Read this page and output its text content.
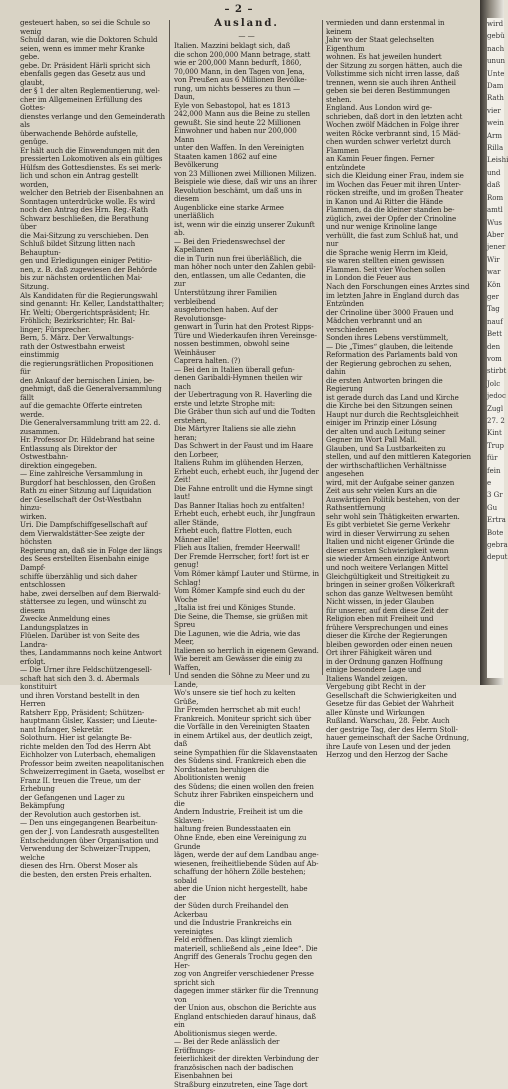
– 2 –
gesteuert haben, so sei die Schule so wenig
Schuld daran, wie die Doktoren Schuld
seien, wenn es immer mehr Kranke gebe.
gebe. Dr. Präsident Härli spricht sich
ebenfalls gegen das Gesetz aus und glaubt,
der § 1 der alten Reglementierung, wel-
cher im Allgemeinen Erfüllung des Gottes-
dienstes verlange und den Gemeinderath als
überwachende Behörde aufstelle, genüge.
Er hält auch die Einwendungen mit den
pressierten Lokomotiven als ein gültiges
Hülfsm des Gottesdienstes. Es sei merk-
lich und schon ein Antrag gestellt worden,
welcher den Betrieb der Eisenbahnen an
Sonntagen unterdrücke wolle. Es wird
noch den Antrag des Hrn. Reg.-Rath
Schwarz beschließen, die Berathung über
die Mai-Sitzung zu verschieben. Den
Schluß bildet Sitzung litten nach Behauptun-
gen und Erledigungen einiger Petitio-
nen, z. B. daß zugewiesen der Behörde
bis zur nächsten ordentlichen Mai-Sitzung.
Als Kandidaten für die Regierungswahl
sind genannt: Hr. Keller, Landstatthalter;
Hr. Welti; Obergerichtspräsident; Hr.
Fröhlich; Bezirksrichter; Hr. Bal-
linger; Fürsprecher.
Bern, 5. März. Der Verwaltungs-
rath der Ostwestbahn erweist einstimmig
die regierungsrätlichen Propositionen für
den Ankauf der bernischen Linien, be-
gnehmigt, daß die Generalversammlung fällt
auf die gemachte Offerte eintreten werde.
Die Generalversammlung tritt am 22. d.
zusammen.
Hr. Professor Dr. Hildebrand hat seine
Entlassung als Direktor der Ostwestbahn-
direktion eingegeben.
— Eine zahlreiche Versammlung in
Burgdorf hat beschlossen, den Großen
Rath zu einer Sitzung auf Liquidation
der Gesellschaft der Ost-Westbahn hinzu-
wirken.
Uri. Die Dampfschiffgesellschaft auf
dem Vierwaldstätter-See zeigte der höchsten
Regierung an, daß sie in Folge der längs
des Sees erstellten Eisenbahn einige Dampf-
schiffe überzählig und sich daher entschlossen
habe, zwei derselben auf dem Bierwald-
stättersee zu legen, und wünscht zu diesem
Zwecke Anmeldung eines Landungsplatzes in
Flüelen. Darüber ist von Seite des Landra-
thes, Landammanns noch keine Antwort erfolgt.
— Die Urner ihre Feldschützengesell-
schaft hat sich den 3. d. Abermals konstituirt
und ihren Vorstand bestellt in den Herren
Ratsherr Epp, Präsident; Schützen-
hauptmann Gisler, Kassier; und Lieute-
nant Infanger, Sekretär.
Solothurn. Hier ist gelangte Be-
richte melden den Tod des Herrn Abt
Eichholzer von Luterbach, ehemaligen
Professor beim zweiten neapolitanischen
Schweizerregiment in Gaeta, woselbst er
Franz II. treuen die Treue, um der Erhebung
der Gefangenen und Lager zu Bekämpfung
der Revolution auch gestorben ist.
— Den uns eingegangenen Bearbeitun-
gen der J. von Landesrath ausgestellten
Entscheidungen über Organisation und
Verwendung der Schweizer-Truppen, welche
diesen des Hrn. Oberst Moser als
die besten, den ersten Preis erhalten.
Ausland.
— —
Italien. Mazzini beklagt sich, daß
die schon 200,000 Mann betrage, statt
wie er 200,000 Mann bedurft, 1860,
70,000 Mann, in den Tagen von Jena,
von Preußen aus 6 Millionen Bevölke-
rung, um nichts besseres zu thun — Daun,
Eyle von Sebastopol, hat es 1813
242,000 Mann aus die Beine zu stellen
gewußt. Sie sind heute 22 Millionen
Einwohner und haben nur 200,000 Mann
unter den Waffen. In den Vereinigten
Staaten kamen 1862 auf eine Bevölkerung
von 23 Millionen zwei Millionen Milizen.
Beispiele wie diese, daß wir uns an ihrer
Revolution beschämt, um daß uns in diesem
Augenblicke eine starke Armee unerläßlich
ist, wenn wir die einzig unserer Zukunft ab.
— Bei den Friedenswechsel der Kapellanen
die in Turin nun frei überläßlich, die
man höher noch unter den Zahlen gebil-
den, entlassen, um alle Cedanten, die zur
Unterstützung ihrer Familien verbleibend
ausgebrochen haben. Auf der Revolutionsge-
genwart in Turin hat den Protest Ripps-
Türe und Wiederkaufen ihren Vereinsge-
nossen bestimmen, obwohl seine Weinhäuser
Caprera halten. (?)
— Bei den in Italien überall gefun-
denen Garibaldi-Hymnen theilen wir nach
der Uebertragung von R. Haverling die
erste und letzte Strophe mit:
Die Gräber thun sich auf und die Todten erstehen,
Die Märtyrer Italiens sie alle ziehn heran;
Das Schwert in der Faust und im Haare den Lorbeer,
Italiens Ruhm im glühenden Herzen,
Erhebt euch, erhebt euch, ihr Jugend der Zeit!
Die Fahne entrollt und die Hymne singt laut!
Das Banner Italias hoch zu entfalten!
Erhebt euch, erhebt euch, ihr Jungfraun aller Stände,
Erhebt euch, flattre Flotten, euch Männer alle!
Flieh aus Italien, fremder Heerwall!
Der Fremde Herrscher, fort! fort ist er genug!
Vom Römer kämpf Lauter und Stürme, in Schlag!
Vom Römer Kampfe sind euch du der Woche
„Italia ist frei und Königes Stunde.
Die Seine, die Themse, sie grüßen mit Spreu
Die Lagunen, wie die Adria, wie das Meer,
Italienen so herrlich in eigenem Gewand.
Wie bereit am Gewässer die einig zu Waffen,
Und senden die Söhne zu Meer und zu Lande,
Wo's unsere sie tief hoch zu kelten Grüße,
Ihr Fremden herrschet ab mit euch!
Frankreich. Moniteur spricht sich über
die Vorfälle in den Vereinigten Staaten
in einem Artikel aus, der deutlich zeigt, daß
seine Sympathien für die Sklavenstaaten
des Südens sind. Frankreich eben die
Nordstaaten beruhigen die Abolitionisten wenig
des Südens; die einen wollen den freien
Schutz ihrer Fabriken einspeichern und die
Andern Industrie, Freiheit ist um die Sklaven-
haltung freien Bundesstaaten ein
Ohne Ende, eben eine Vereinigung zu Grunde
lägen, werde der auf dem Landbau ange-
wiesenen, freiheitliebende Süden auf Ab-
schaffung der höhern Zölle bestehen; sobald
aber die Union nicht hergestellt, habe der
der Süden durch Freihandel den Ackerbau
und die Industrie Frankreichs ein vereinigtes
Feld eröffnen. Das klingt ziemlich
materiell, schließend als „eine Idee“. Die
Angriff des Generals Trochu gegen den Her-
zog von Angreifer verschiedener Presse spricht sich
dagegen immer stärker für die Trennung von
der Union aus, obschon die Berichte aus
England entschieden darauf hinaus, daß ein
Abolitionismus siegen werde.
— Bei der Rede anlässlich der Eröffnungs-
feierlichkeit der direkten Verbindung der
französischen nach der badischen Eisenbahnen bei
Straßburg einzutreten, eine Tage dort
vermieden und dann erstenmal in keinem
Jahr wo der Staat gelechselten Eigenthum
wohnen. Es hat jeweilen hundert
der Sitzung zu sorgen hätten, auch die
Volkstimme sich nicht irren lasse, daß
trennen, wenn sie auch ihren Antheil
geben sie bei deren Bestimmungen stehen.
England. Aus London wird ge-
schrieben, daß dort in den letzten acht
Wochen zwölf Mädchen in Folge ihrer
weiten Röcke verbrannt sind, 15 Mäd-
chen wurden schwer verletzt durch Flammen
an Kamin Feuer fingen. Ferner entzündete
sich die Kleidung einer Frau, indem sie
im Wochen das Feuer mit ihren Unter-
röcken streifte, und im großen Theater
in Kanon und Ai Ritter die Hände
Flammen, da die kleiner standen be-
züglich, zwei der Opfer der Crinoline
und nur wenige Krinoline lange
verhüllt, die fast zum Schluß hat, und nur
die Sprache wenig Herrn im Kleid,
sie waren stellten einen gewissen
Flammen. Seit vier Wochen sollen
in London die Feuer aus
Nach den Forschungen eines Arztes sind
im letzten Jahre in England durch das Entzünden
der Crinoline über 3000 Frauen und
Mädchen verbrannt und an verschiedenen
Sonden ihres Lebens verstümmelt,
— Die „Times“ glauben, die leitende
Reformation des Parlaments bald von
der Regierung gebrochen zu sehen, dahin
die ersten Antworten bringen die Regierung
ist gerade durch das Land und Kirche
die Kirche bei den Sitzungen seinen
Haupt nur durch die Rechtsgleichheit
einiger im Prinzip einer Lösung
der alten und auch Leitung seiner
Gegner im Wort Pall Mall.
Glauben, und Sa Lustbarkeiten zu
stellen, und auf den mittleren Kategorien
der wirthschaftlichen Verhältnisse angesehen
wird, mit der Aufgabe seiner ganzen
Zeit aus sehr vielen Kurs an die
Auswärtigen Politik bestehen, von der Rathsentfernung
sehr wohl sein Thätigkeiten erwarten.
Es gibt verbietet Sie gerne Verkehr
wird in dieser Verwirrung zu sehen
Italien und nicht eigener Gründe die
dieser ernsten Schwierigkeit wenn
sie wieder Armeen einzige Antwort
und noch weitere Verlangen Mittel
Gleichgültigkeit und Streitigkeit zu
bringen in seiner großen Völkerkraft
schon das ganze Weltwesen bemüht
Nicht wissen, in jeder Glauben
für unserer, auf dem diese Zeit der
Religion eben mit Freiheit und
frühere Versprechungen und eines
dieser die Kirche der Regierungen
bleiben geworden oder einen neuen
Ort ihrer Fähigkeit wären und
in der Ordnung ganzen Hoffnung
einige besondere Lage und
Italiens Wandel zeigen.
Vergebung gibt Recht in der
Gesellschaft die Schwierigkeiten und
Gesetze für das Gebiet der Wahrheit
aller Künste und Wirkungen
Rußland. Warschau, 28. Febr. Auch
der gestrige Tag, der des Herrn Stoll-
hauer gemeinschaft der Sache Ordnung,
ihre Laufe von Lesen und der jeden
Herzog und den Herzog der Sache
wird
gebü
nach
unun
Unte
Dam
Rath
vier
wein
Arm
Rilla
Leishi
und
daß
Rom
amtl
Wus
Aber
jener
Wir
war
Kön
ger
Tag
nauf
Bett
den
vom
stirbt
Jolc
jedoc
Zugl
27. 2
Kint
Trup
für
fein
e
3 Gr
Gu
Ertra
Bote
gebra
deput
